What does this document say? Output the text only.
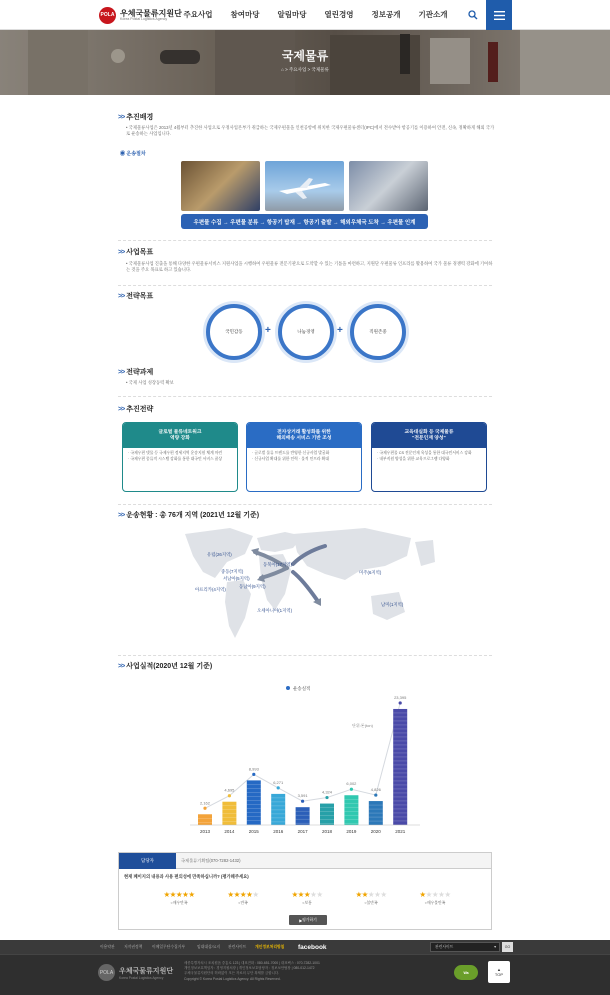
POLA 우체국물류지원단
Korea Postal Logistics Agency	주요사업	참여마당	알림마당	열린경영	정보공개	기관소개
국제물류
⌂ > 주요사업 > 국제물류
>> 추진배경
• 국제물류사업은 2013년 4월부터 추진한 사업으로 우정사업본부가 취급하는 국제우편물을 인천공항에 위치한 국제우편물류센터(IPC)에서 전수받아 항공기를 이용하여 안전, 신속, 정확하게 해외 국가로 운송하는 사업입니다.
◉ 운송절차
우편물 수집 → 우편물 분류 → 항공기 탑재 → 항공기 출발 → 해외우체국 도착 → 우편물 인계
>> 사업목표
• 국제물류사업 진출을 통해 다양한 우편물류서비스 지원사업을 시행하여 우편물류 전문기관으로 도약할 수 있는 기틀을 마련하고, 지원단 우편물류 인프라를 활용하여 국가 물류 경쟁력 강화에 기여하는 것을 주요 목표로 하고 있습니다.
>> 전략목표
국민감동 +	나눔경영 +	직원존중
>> 전략과제
• 국제 사업 성장동력 확보
>> 추진전략
글로벌 물류네트워크
역량 강화
· 국제우편 댓물 등 국제우편 정세지역 운송지원 체계 마련
· 국제우편 종류적 시스템 강화를 통한 대국민 서비스 품상
전자상거래 활성화를 위한
해외배송 서비스 기반 조성
· 글로벌 물류 트렌드를 반영한 신규사업 발굴화
· 신규사업 확대를 위한 인력 · 물적 인프라 확대
교육대실화 등 국제물류
"전문인재 양성"
· 국제우편물 CS 전문인재 육성을 통한 대국민서비스 강화
· 내부직원 양성을 위한 교육프로그램 다양화
>> 운송현황 : 총 76개 지역 (2021년 12월 기준)
유럽(26지역)
중동(7지역)
동북아(17지역)
서남아(5지역)
동남아(9지역)
아프리카(4지역)
미주(6지역)
오세아니아(1지역)
남미(1지역)
>> 사업실적(2020년 12월 기준)
운송실적
단위:톤(ton)
2,162
2013
4,695
2014
8,993
2015
6,271
2016
3,591
2017
4,324
2018
6,002
2019
4,826
2020
23,395
2021
담당자	국제물류기획팀(070-7282-1432)
현재 페이지의 내용과 사용 편의성에 만족하십니까? (평가해주세요)
★★★★★
○매우만족
★★★★★
○만족
★★★★★
○보통
★★★★★
○불만족
★★★★★
○매우불만족
▶ 평가하기
이용약관 저작권정책	이메일무단수집거부	임대대상/요지 관련사이트 개인정보처리방침 facebook	관련사이트	▾	GO
POLA 우체국물류지원단
Korea Postal Logistics Agency
세종특별자치시 조치원읍 중흥로 123 | 대표전화 : 080-651-7000 | 대표팩스 : 070-7282-1001
개인정보보호책임자 : 경영지원처장 | 개인정보보호담당자 : 정보보안팀장 | 080-012-1472
우체국물류지원단의 허락없이 모든 자료의 무단 복제를 금합니다.
Copyright © Korea Postal Logistics Agency. All Rights Reserved.
Wa
▲
TOP
